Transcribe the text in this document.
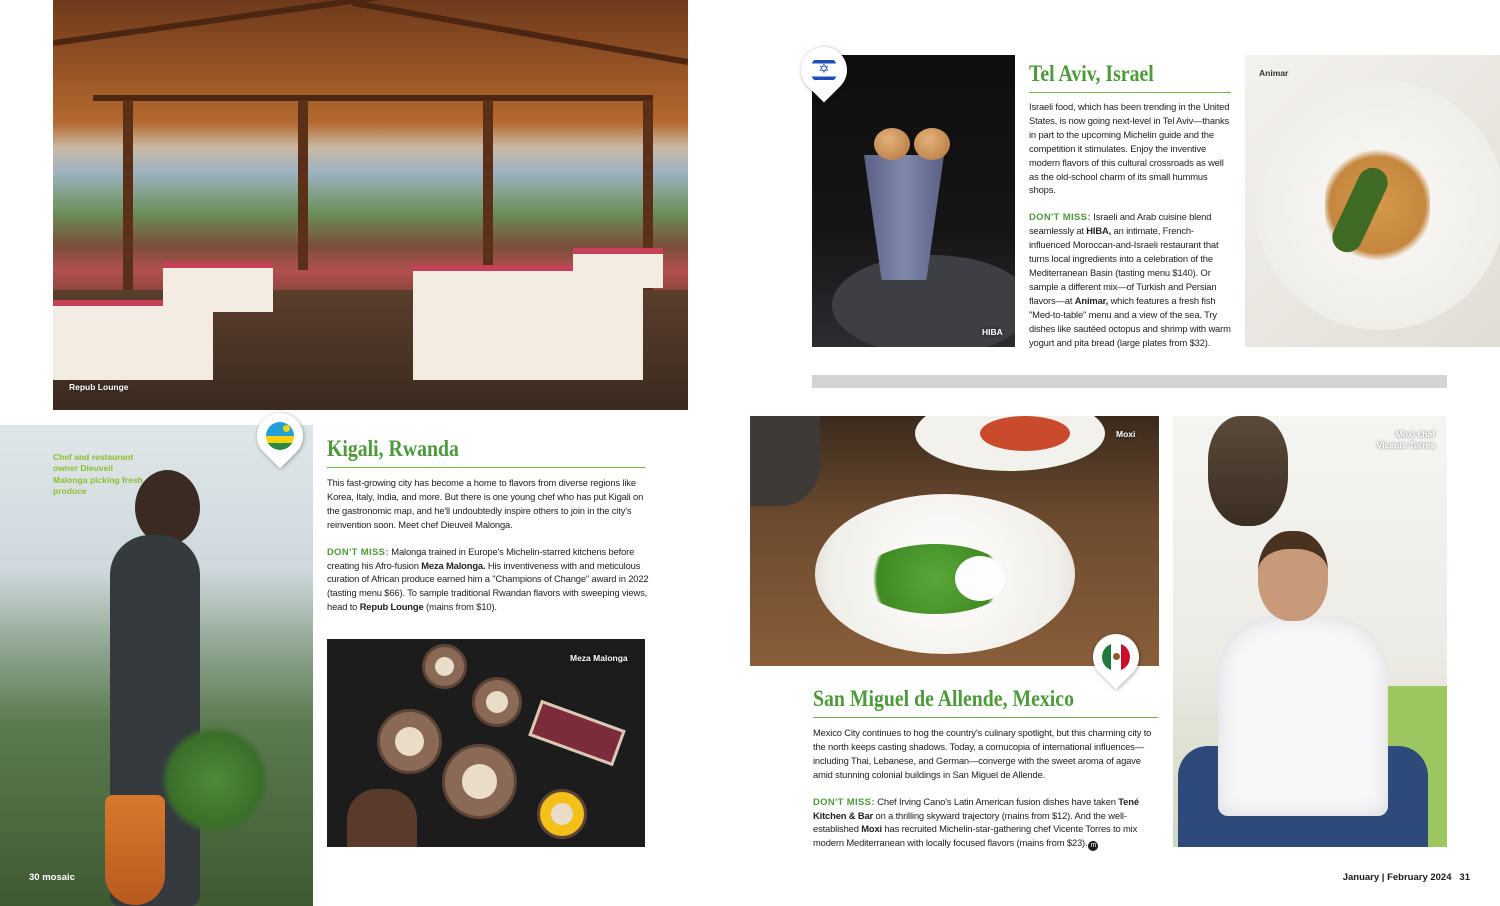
Repub Lounge
Chef and restaurant owner Dieuveil Malonga picking fresh produce
Kigali, Rwanda

This fast-growing city has become a home to flavors from diverse regions like Korea, Italy, India, and more. But there is one young chef who has put Kigali on the gastronomic map, and he'll undoubtedly inspire others to join in the city's reinvention soon. Meet chef Dieuveil Malonga.

DON'T MISS: Malonga trained in Europe's Michelin-starred kitchens before creating his Afro-fusion Meza Malonga. His inventiveness with and meticulous curation of African produce earned him a "Champions of Change" award in 2022 (tasting menu $66). To sample traditional Rwandan flavors with sweeping views, head to Repub Lounge (mains from $10).

Meza Malonga
30 mosaic
HIBA
✡	Tel Aviv, Israel

Israeli food, which has been trending in the United States, is now going next-level in Tel Aviv—thanks in part to the upcoming Michelin guide and the competition it stimulates. Enjoy the inventive modern flavors of this cultural crossroads as well as the old-school charm of its small hummus shops.

DON'T MISS: Israeli and Arab cuisine blend seamlessly at HIBA, an intimate, French-influenced Moroccan-and-Israeli restaurant that turns local ingredients into a celebration of the Mediterranean Basin (tasting menu $140). Or sample a different mix—of Turkish and Persian flavors—at Animar, which features a fresh fish "Med-to-table" menu and a view of the sea. Try dishes like sautéed octopus and shrimp with warm yogurt and pita bread (large plates from $32).

Animar
Moxi	Moxi chef
Vicente Torres
San Miguel de Allende, Mexico

Mexico City continues to hog the country's culinary spotlight, but this charming city to the north keeps casting shadows. Today, a cornucopia of international influences—including Thai, Lebanese, and German—converge with the sweet aroma of agave amid stunning colonial buildings in San Miguel de Allende.

DON'T MISS: Chef Irving Cano's Latin American fusion dishes have taken Tené Kitchen & Bar on a thrilling skyward trajectory (mains from $12). And the well-established Moxi has recruited Michelin-star-gathering chef Vicente Torres to mix modern Mediterranean with locally focused flavors (mains from $23). m

January | February 2024   31
